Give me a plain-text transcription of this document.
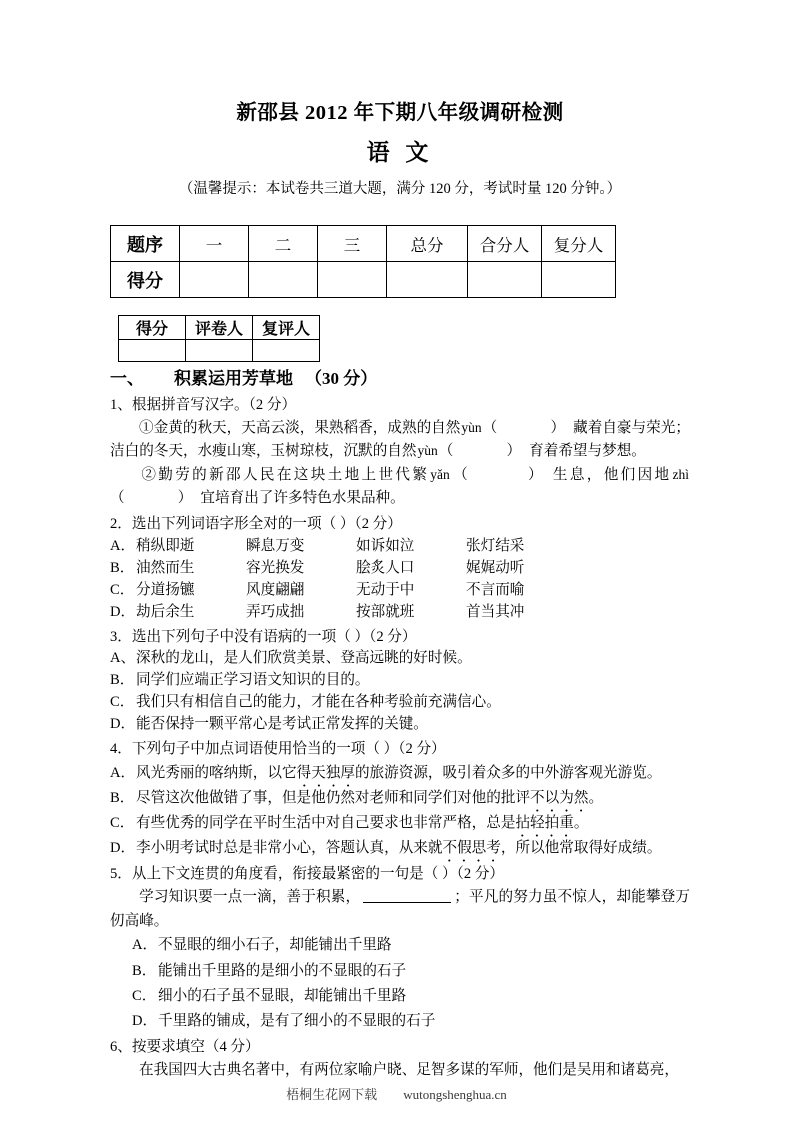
新邵县 2012 年下期八年级调研检测
语 文

（温馨提示：本试卷共三道大题，满分 120 分，考试时量 120 分钟。）

题序	一	二	三	总分	合分人	复分人
得分						
得分	评卷人	复评人

一、 积累运用芳草地 （30 分）

1、根据拼音写汉字。（2 分）

①金黄的秋天，天高云淡，果熟稻香，成熟的自然yùn（　　）藏着自豪与荣光；洁白的冬天，水瘦山寒，玉树琼枝，沉默的自然yùn（　　）育着希望与梦想。

②勤劳的新邵人民在这块土地上世代繁yǎn（　　）生息，他们因地zhì（　　）宜培育出了许多特色水果品种。

2．选出下列词语字形全对的一项（ ）（2 分）

A．稍纵即逝	瞬息万变	如诉如泣	张灯结采

B． 油然而生	容光换发	脍炙人口	娓娓动听

C． 分道扬镳	风度翩翩	无动于中	不言而喻

D．劫后余生	弄巧成拙	按部就班	首当其冲

3．选出下列句子中没有语病的一项（ ）（2 分）

A、深秋的龙山，是人们欣赏美景、登高远眺的好时候。

B． 同学们应端正学习语文知识的目的。

C． 我们只有相信自己的能力，才能在各种考验前充满信心。

D．能否保持一颗平常心是考试正常发挥的关键。

4．下列句子中加点词语使用恰当的一项（ ）（2 分）

A．风光秀丽的喀纳斯，以它得天独厚的旅游资源，吸引着众多的中外游客观光游览。

B． 尽管这次他做错了事，但是他仍然对老师和同学们对他的批评不以为然。

C． 有些优秀的同学在平时生活中对自己要求也非常严格，总是拈轻拍重。

D．李小明考试时总是非常小心，答题认真，从来就不假思考，所以他常取得好成绩。

5．从上下文连贯的角度看，衔接最紧密的一句是（ ）（2 分）

学习知识要一点一滴，善于积累，	；平凡的努力虽不惊人，却能攀登万仞高峰。

A．不显眼的细小石子，却能铺出千里路

B． 能铺出千里路的是细小的不显眼的石子

C． 细小的石子虽不显眼，却能铺出千里路

D．千里路的铺成，是有了细小的不显眼的石子

6、按要求填空（4 分）

在我国四大古典名著中，有两位家喻户晓、足智多谋的军师，他们是吴用和诸葛亮，

梧桐生花网下载 wutongshenghua.cn
